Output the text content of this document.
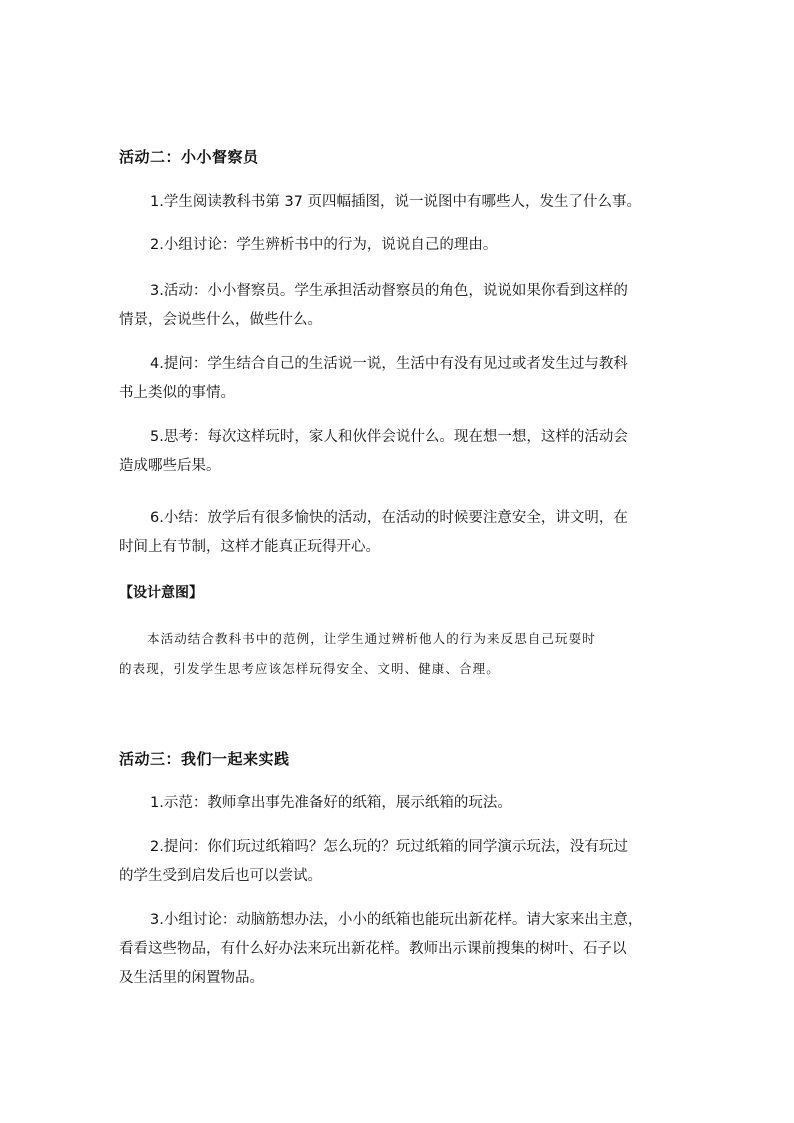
活动二：小小督察员
1.学生阅读教科书第 37 页四幅插图，说一说图中有哪些人，发生了什么事。
2.小组讨论：学生辨析书中的行为，说说自己的理由。
3.活动：小小督察员。学生承担活动督察员的角色，说说如果你看到这样的
情景，会说些什么，做些什么。
4.提问：学生结合自己的生活说一说，生活中有没有见过或者发生过与教科
书上类似的事情。
5.思考：每次这样玩时，家人和伙伴会说什么。现在想一想，这样的活动会
造成哪些后果。
6.小结：放学后有很多愉快的活动，在活动的时候要注意安全，讲文明，在
时间上有节制，这样才能真正玩得开心。
【设计意图】
本活动结合教科书中的范例，让学生通过辨析他人的行为来反思自己玩耍时
的表现，引发学生思考应该怎样玩得安全、文明、健康、合理。
活动三：我们一起来实践
1.示范：教师拿出事先准备好的纸箱，展示纸箱的玩法。
2.提问：你们玩过纸箱吗？怎么玩的？玩过纸箱的同学演示玩法，没有玩过
的学生受到启发后也可以尝试。
3.小组讨论：动脑筋想办法，小小的纸箱也能玩出新花样。请大家来出主意，
看看这些物品，有什么好办法来玩出新花样。教师出示课前搜集的树叶、石子以
及生活里的闲置物品。
